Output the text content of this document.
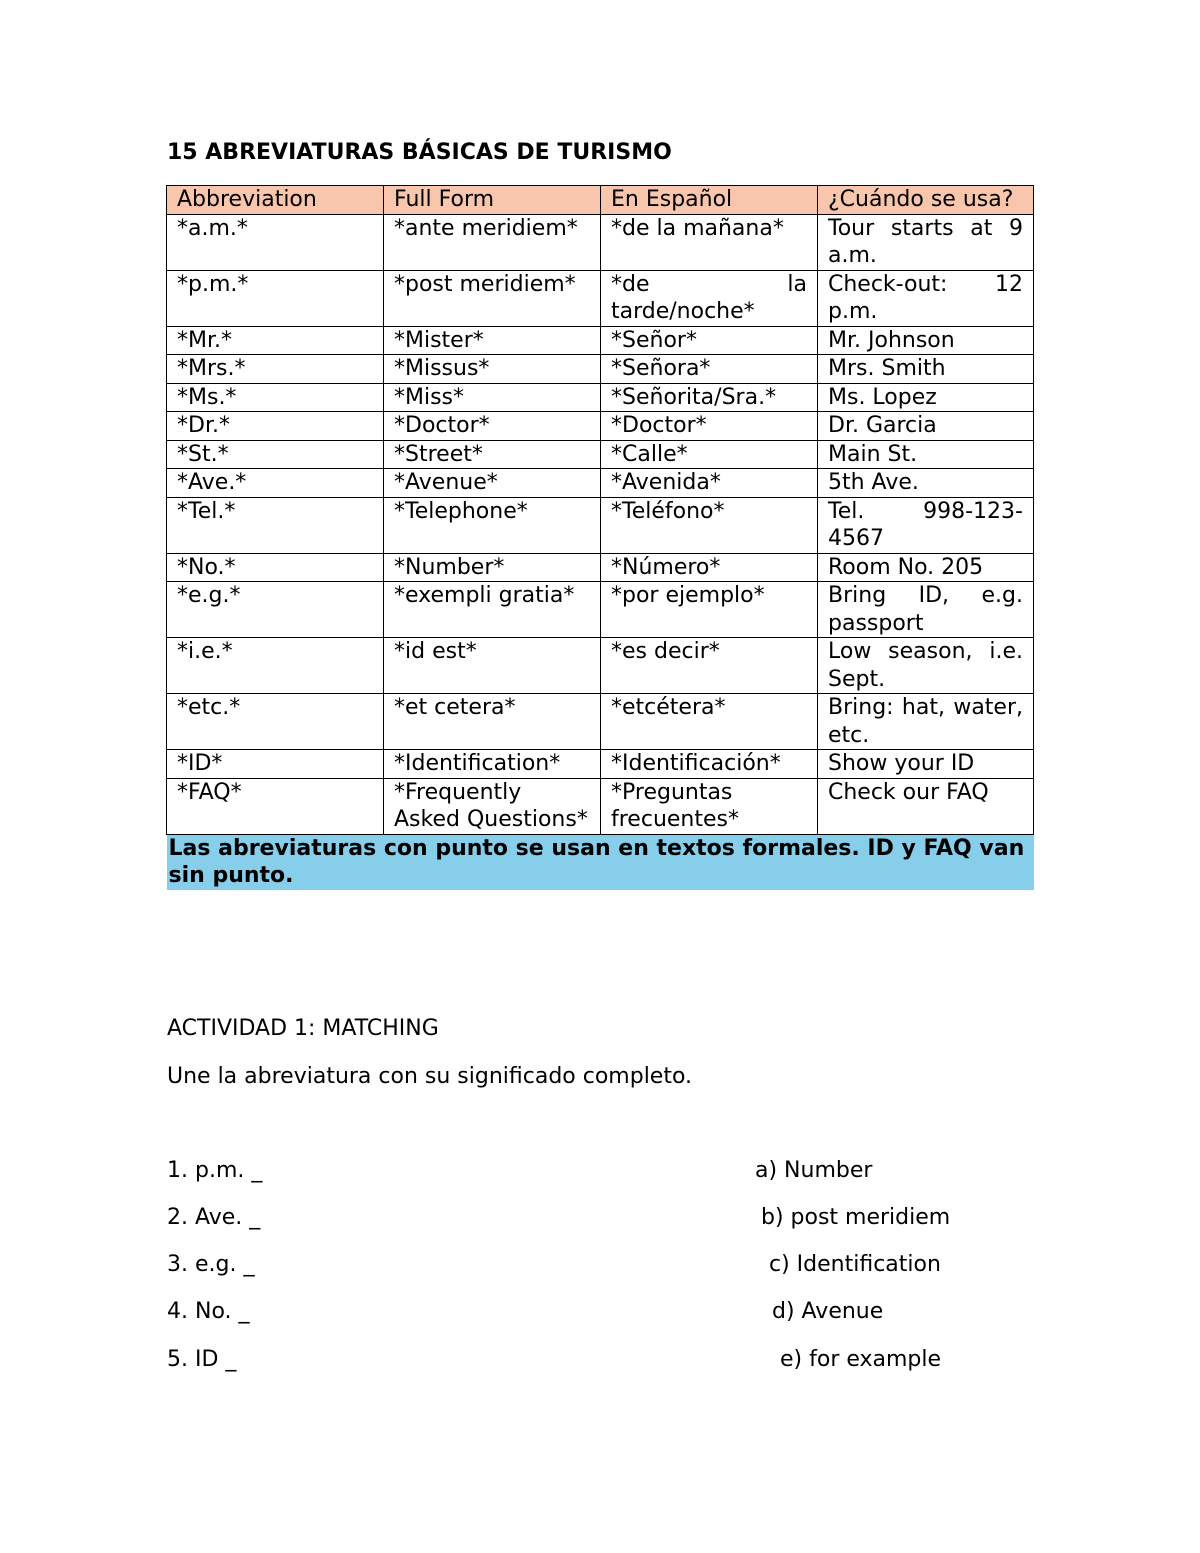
15 ABREVIATURAS BÁSICAS DE TURISMO
Abbreviation	Full Form	En Español	¿Cuándo se usa?
*a.m.*	*ante meridiem*	*de la mañana*	Tour starts at 9 a.m.
*p.m.*	*post meridiem*	*de la tarde/noche*	Check-out: 12 p.m.
*Mr.*	*Mister*	*Señor*	Mr. Johnson
*Mrs.*	*Missus*	*Señora*	Mrs. Smith
*Ms.*	*Miss*	*Señorita/Sra.*	Ms. Lopez
*Dr.*	*Doctor*	*Doctor*	Dr. Garcia
*St.*	*Street*	*Calle*	Main St.
*Ave.*	*Avenue*	*Avenida*	5th Ave.
*Tel.*	*Telephone*	*Teléfono*	Tel. 998-123-4567
*No.*	*Number*	*Número*	Room No. 205
*e.g.*	*exempli gratia*	*por ejemplo*	Bring ID, e.g. passport
*i.e.*	*id est*	*es decir*	Low season, i.e. Sept.
*etc.*	*et cetera*	*etcétera*	Bring: hat, water, etc.
*ID*	*Identification*	*Identificación*	Show your ID
*FAQ*	*Frequently Asked Questions*	*Preguntas frecuentes*	Check our FAQ
Las abreviaturas con punto se usan en textos formales. ID y FAQ van sin punto.			

ACTIVIDAD 1: MATCHING

Une la abreviatura con su significado completo.

1. p.m. _	a) Number
2. Ave. _	b) post meridiem
3. e.g. _	c) Identification
4. No. _	d) Avenue
5. ID _	e) for example
